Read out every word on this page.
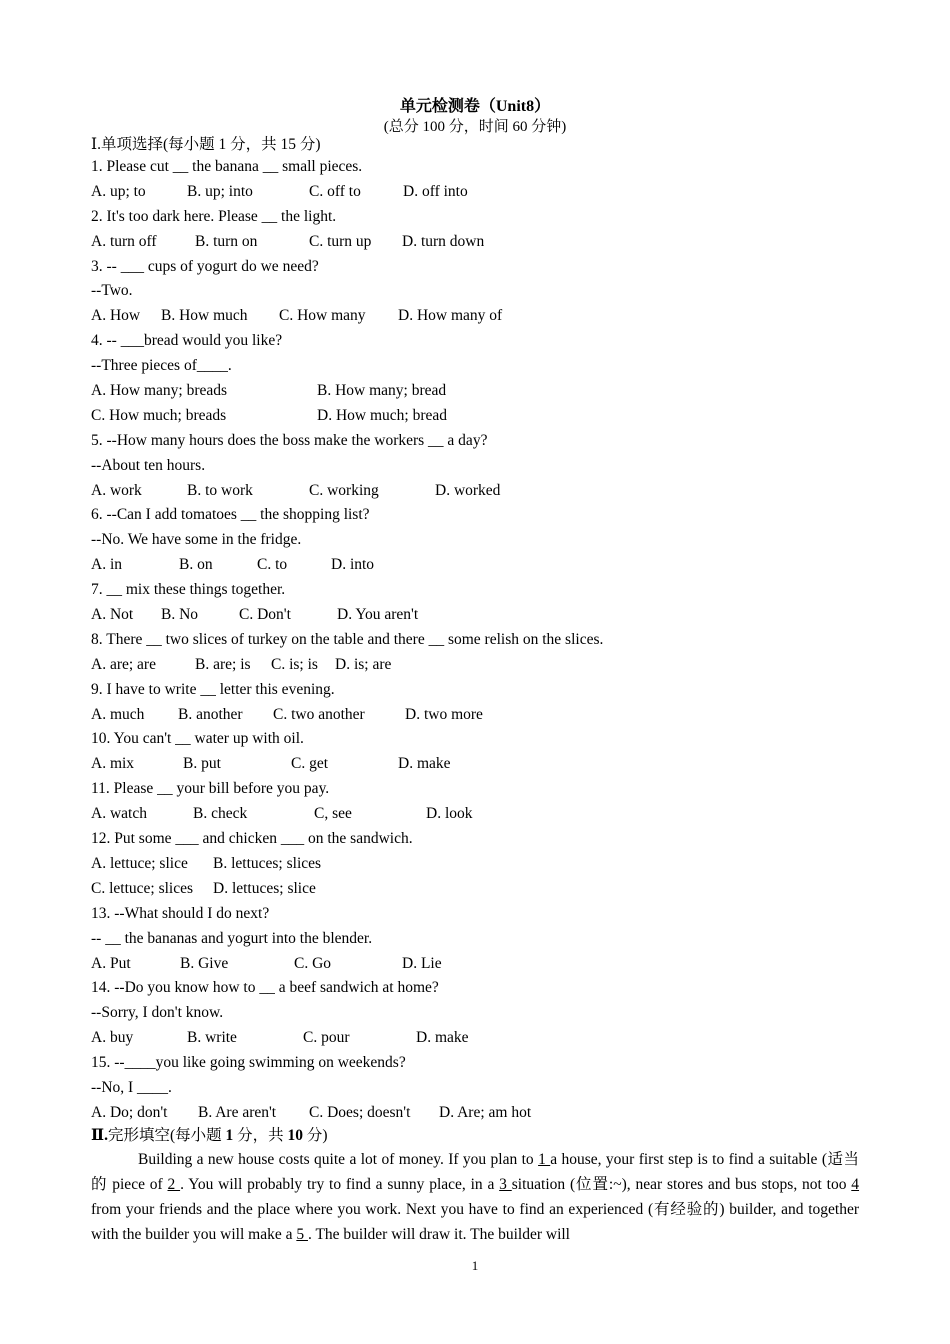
单元检测卷（Unit8）
(总分 100 分，时间 60 分钟)
Ⅰ.单项选择(每小题 1 分，共 15 分)
1. Please cut __ the banana __ small pieces.
A. up; to	B. up; into	C. off to	D. off into
2. It's too dark here. Please __ the light.
A. turn off B. turn on	C. turn up D. turn down
3. -- ___ cups of yogurt do we need?
--Two.
A. How B. How much C. How many D. How many of
4. -- ___bread would you like?
--Three pieces of____.
A. How many; breads	B. How many; bread
C. How much; breads	D. How much; bread
5. --How many hours does the boss make the workers __ a day?
--About ten hours.
A. work	B. to work	C. working	D. worked
6. --Can I add tomatoes __ the shopping list?
--No. We have some in the fridge.
A. in	B. on	C. to	D. into
7. __ mix these things together.
A. Not B. No	C. Don't	D. You aren't
8. There __ two slices of turkey on the table and there __ some relish on the slices.
A. are; are	B. are; is C. is; is D. is; are
9. I have to write __ letter this evening.
A. much B. another C. two another	D. two more
10. You can't __ water up with oil.
A. mix	B. put	C. get	D. make
11. Please __ your bill before you pay.
A. watch	B. check	C, see	D. look
12. Put some ___ and chicken ___ on the sandwich.
A. lettuce; slice B. lettuces; slices
C. lettuce; slices D. lettuces; slice
13. --What should I do next?
-- __ the bananas and yogurt into the blender.
A. Put	B. Give	C. Go	D. Lie
14. --Do you know how to __ a beef sandwich at home?
--Sorry, I don't know.
A. buy	B. write	C. pour	D. make
15. --____you like going swimming on weekends?
--No, I ____.
A. Do; don't B. Are aren't C. Does; doesn't D. Are; am hot
Ⅱ.完形填空(每小题 1 分，共 10 分)
Building a new house costs quite a lot of money. If you plan to 1 a house, your first step is to find a suitable (适当的 piece of 2 . You will probably try to find a sunny place, in a 3 situation (位置:~), near stores and bus stops, not too 4 from your friends and the place where you work. Next you have to find an experienced (有经验的) builder, and together with the builder you will make a 5 . The builder will draw it. The builder will
1
